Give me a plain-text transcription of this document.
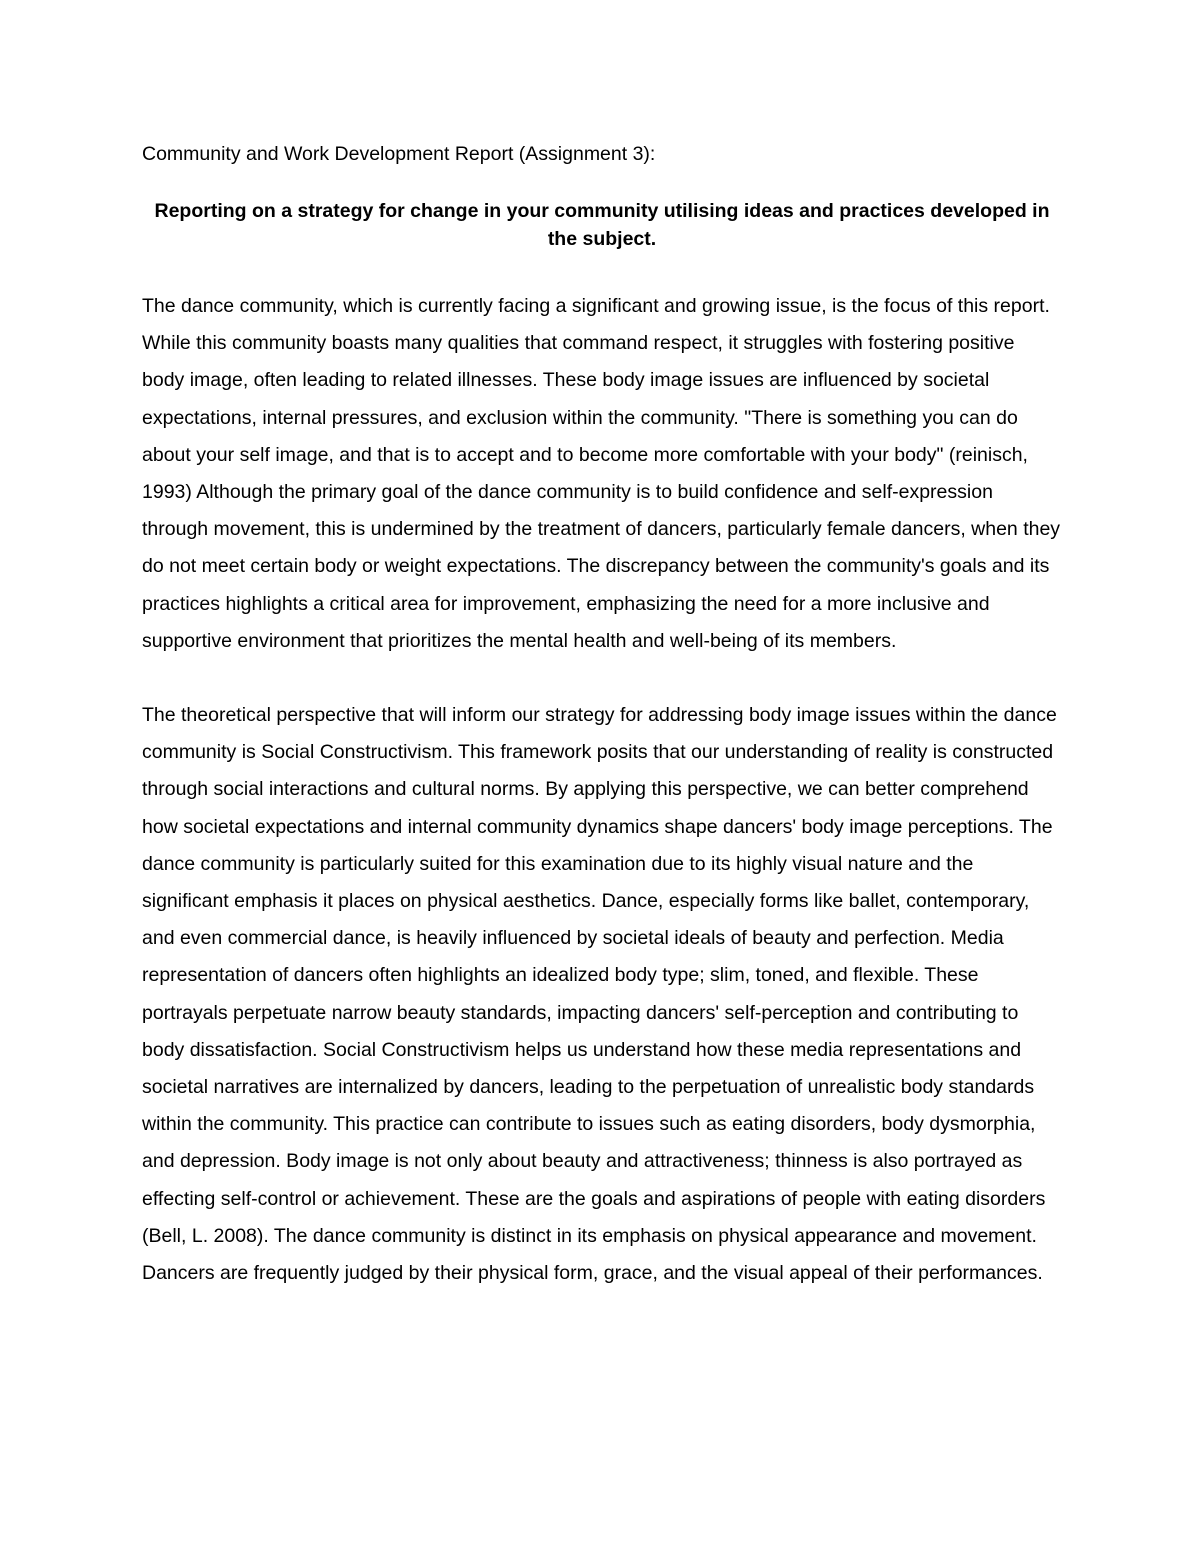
Community and Work Development Report (Assignment 3):

Reporting on a strategy for change in your community utilising ideas and practices developed in the subject.

The dance community, which is currently facing a significant and growing issue, is the focus of this report. While this community boasts many qualities that command respect, it struggles with fostering positive body image, often leading to related illnesses. These body image issues are influenced by societal expectations, internal pressures, and exclusion within the community. "There is something you can do about your self image, and that is to accept and to become more comfortable with your body" (reinisch, 1993) Although the primary goal of the dance community is to build confidence and self-expression through movement, this is undermined by the treatment of dancers, particularly female dancers, when they do not meet certain body or weight expectations. The discrepancy between the community's goals and its practices highlights a critical area for improvement, emphasizing the need for a more inclusive and supportive environment that prioritizes the mental health and well-being of its members.

The theoretical perspective that will inform our strategy for addressing body image issues within the dance community is Social Constructivism. This framework posits that our understanding of reality is constructed through social interactions and cultural norms. By applying this perspective, we can better comprehend how societal expectations and internal community dynamics shape dancers' body image perceptions. The dance community is particularly suited for this examination due to its highly visual nature and the significant emphasis it places on physical aesthetics. Dance, especially forms like ballet, contemporary, and even commercial dance, is heavily influenced by societal ideals of beauty and perfection. Media representation of dancers often highlights an idealized body type; slim, toned, and flexible. These portrayals perpetuate narrow beauty standards, impacting dancers' self-perception and contributing to body dissatisfaction. Social Constructivism helps us understand how these media representations and societal narratives are internalized by dancers, leading to the perpetuation of unrealistic body standards within the community. This practice can contribute to issues such as eating disorders, body dysmorphia, and depression. Body image is not only about beauty and attractiveness; thinness is also portrayed as effecting self-control or achievement. These are the goals and aspirations of people with eating disorders (Bell, L. 2008). The dance community is distinct in its emphasis on physical appearance and movement. Dancers are frequently judged by their physical form, grace, and the visual appeal of their performances.
